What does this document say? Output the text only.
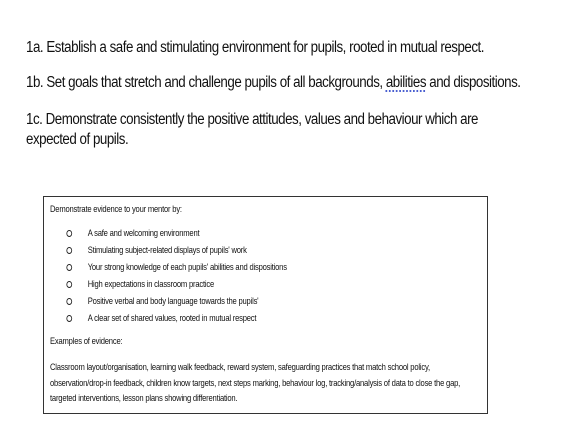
1a. Establish a safe and stimulating environment for pupils, rooted in mutual respect.

1b. Set goals that stretch and challenge pupils of all backgrounds, abilities and dispositions.

1c. Demonstrate consistently the positive attitudes, values and behaviour which are expected of pupils.

Demonstrate evidence to your mentor by:
A safe and welcoming environment
Stimulating subject-related displays of pupils' work
Your strong knowledge of each pupils' abilities and dispositions
High expectations in classroom practice
Positive verbal and body language towards the pupils'
A clear set of shared values, rooted in mutual respect
Examples of evidence:
Classroom layout/organisation, learning walk feedback, reward system, safeguarding practices that match school policy, observation/drop-in feedback, children know targets, next steps marking, behaviour log, tracking/analysis of data to close the gap, targeted interventions, lesson plans showing differentiation.
